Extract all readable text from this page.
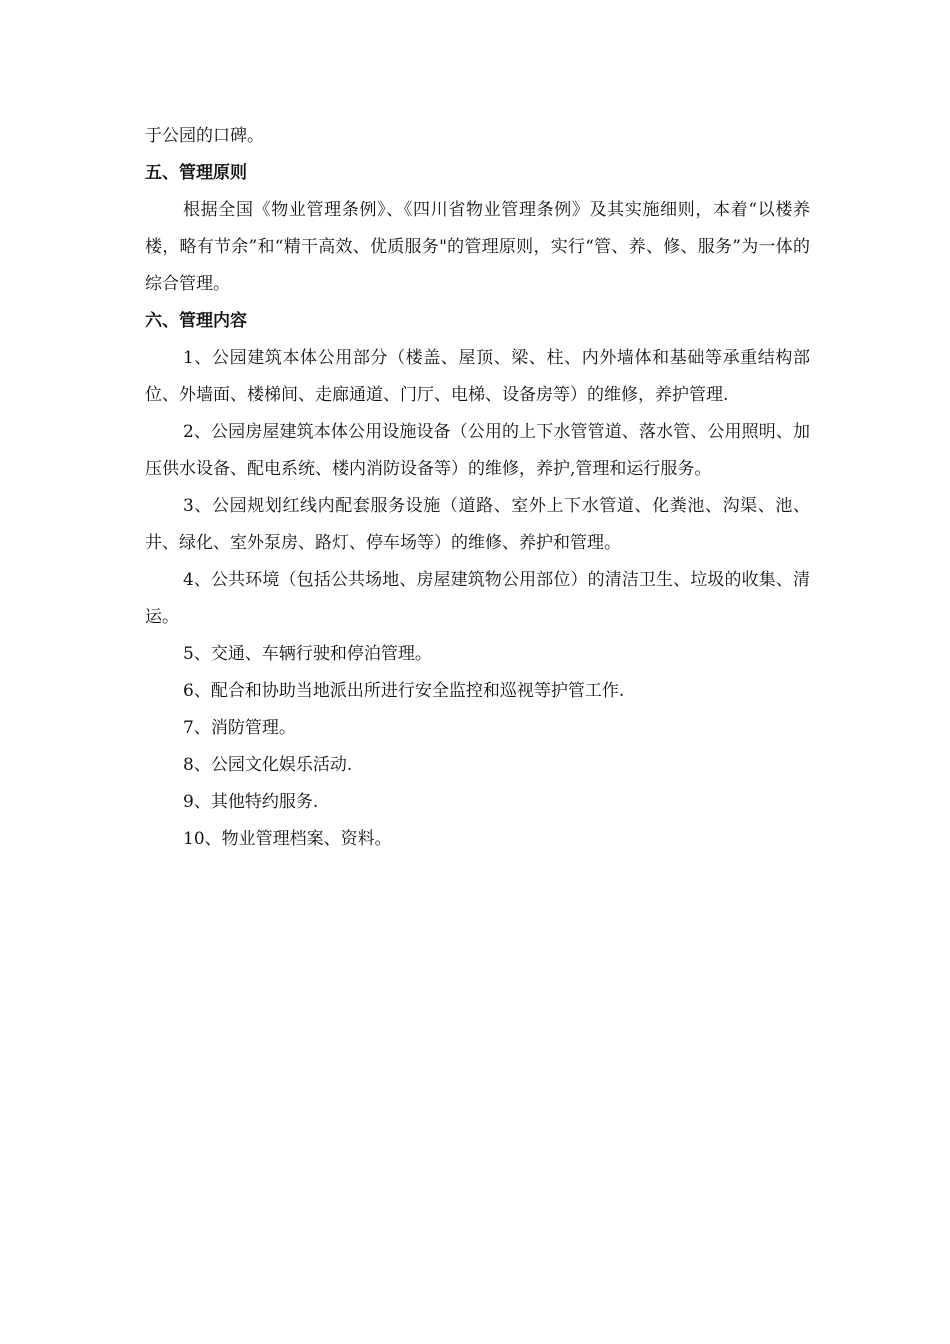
于公园的口碑。

五、管理原则

根据全国《物业管理条例》、《四川省物业管理条例》及其实施细则，本着“以楼养楼，略有节余”和“精干高效、优质服务"的管理原则，实行“管、养、修、服务”为一体的综合管理。

六、管理内容

1、公园建筑本体公用部分（楼盖、屋顶、梁、柱、内外墙体和基础等承重结构部位、外墙面、楼梯间、走廊通道、门厅、电梯、设备房等）的维修，养护管理.

2、公园房屋建筑本体公用设施设备（公用的上下水管管道、落水管、公用照明、加压供水设备、配电系统、楼内消防设备等）的维修，养护,管理和运行服务。

3、公园规划红线内配套服务设施（道路、室外上下水管道、化粪池、沟渠、池、井、绿化、室外泵房、路灯、停车场等）的维修、养护和管理。

4、公共环境（包括公共场地、房屋建筑物公用部位）的清洁卫生、垃圾的收集、清运。

5、交通、车辆行驶和停泊管理。

6、配合和协助当地派出所进行安全监控和巡视等护管工作.

7、消防管理。

8、公园文化娱乐活动.

9、其他特约服务.

10、物业管理档案、资料。
